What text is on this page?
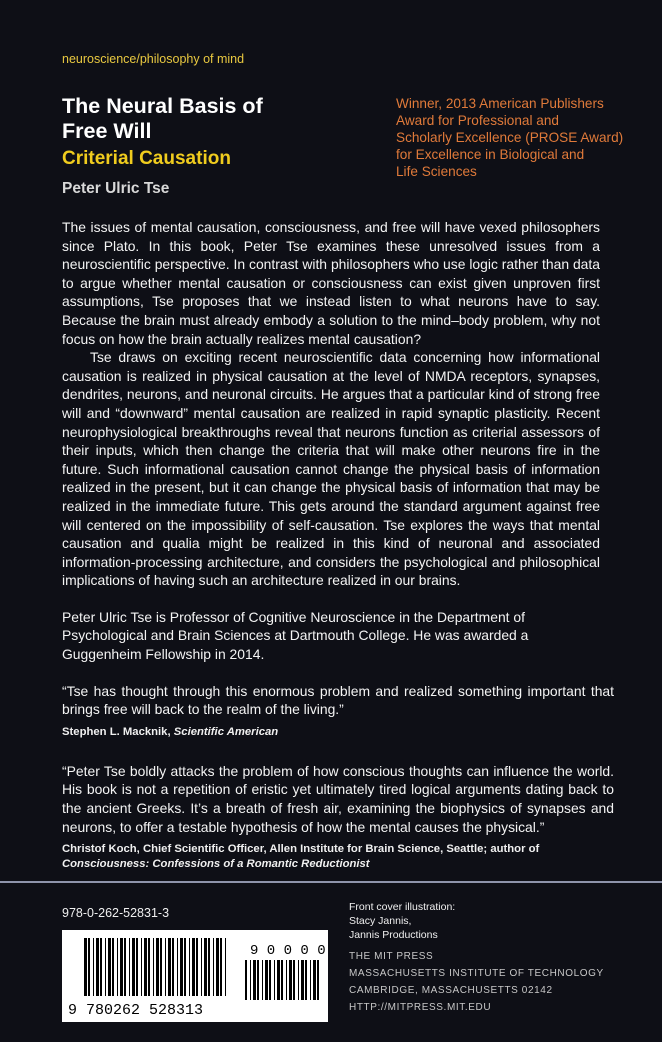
neuroscience/philosophy of mind
The Neural Basis of
Free Will
Criterial Causation
Peter Ulric Tse
Winner, 2013 American Publishers
Award for Professional and
Scholarly Excellence (PROSE Award)
for Excellence in Biological and
Life Sciences

The issues of mental causation, consciousness, and free will have vexed philosophers since Plato. In this book, Peter Tse examines these unresolved issues from a neuroscientific perspective. In contrast with philosophers who use logic rather than data to argue whether mental causation or consciousness can exist given unproven first assumptions, Tse proposes that we instead listen to what neurons have to say. Because the brain must already embody a solution to the mind–body problem, why not focus on how the brain actually realizes mental causation?

Tse draws on exciting recent neuroscientific data concerning how informational causation is realized in physical causation at the level of NMDA receptors, synapses, dendrites, neurons, and neuronal circuits. He argues that a particular kind of strong free will and “downward” mental causation are realized in rapid synaptic plasticity. Recent neurophysiological breakthroughs reveal that neurons function as criterial assessors of their inputs, which then change the criteria that will make other neurons fire in the future. Such informational causation cannot change the physical basis of information realized in the present, but it can change the physical basis of information that may be realized in the immediate future. This gets around the standard argument against free will centered on the impossibility of self-causation. Tse explores the ways that mental causation and qualia might be realized in this kind of neuronal and associated information-processing architecture, and considers the psychological and philosophical implications of having such an architecture realized in our brains.

Peter Ulric Tse is Professor of Cognitive Neuroscience in the Department of Psychological and Brain Sciences at Dartmouth College. He was awarded a Guggenheim Fellowship in 2014.
“Tse has thought through this enormous problem and realized something important that brings free will back to the realm of the living.”
Stephen L. Macknik, Scientific American
“Peter Tse boldly attacks the problem of how conscious thoughts can influence the world. His book is not a repetition of eristic yet ultimately tired logical arguments dating back to the ancient Greeks. It’s a breath of fresh air, examining the biophysics of synapses and neurons, to offer a testable hypothesis of how the mental causes the physical.”
Christof Koch, Chief Scientific Officer, Allen Institute for Brain Science, Seattle; author of
Consciousness: Confessions of a Romantic Reductionist
978-0-262-52831-3
9 780262 528313
9 0 0 0 0
Front cover illustration:
Stacy Jannis,
Jannis Productions
THE MIT PRESS
MASSACHUSETTS INSTITUTE OF TECHNOLOGY
CAMBRIDGE, MASSACHUSETTS 02142
HTTP://MITPRESS.MIT.EDU
